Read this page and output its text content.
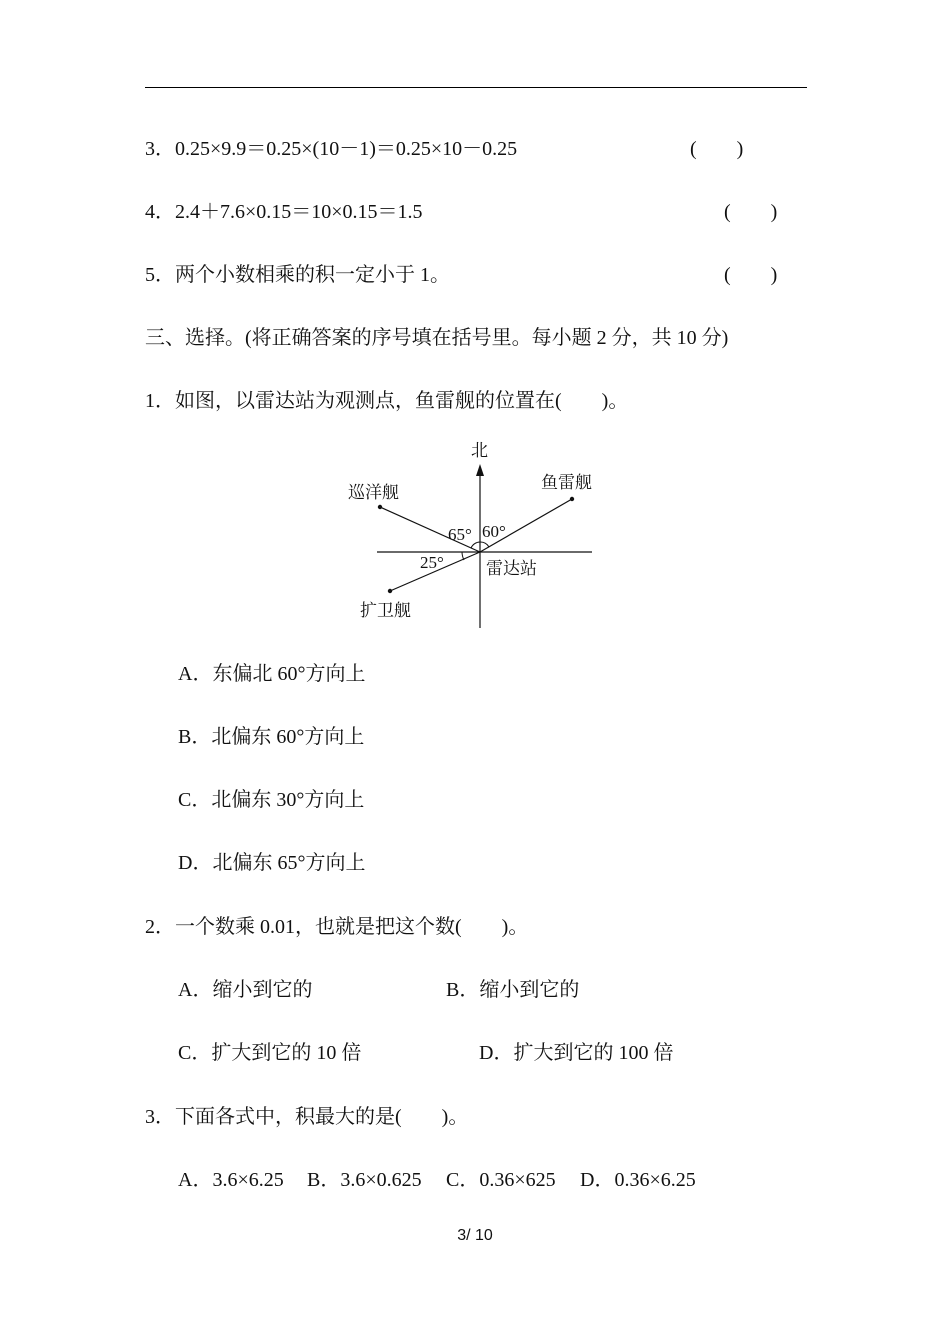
3．0.25×9.9＝0.25×(10－1)＝0.25×10－0.25	(　　)
4．2.4＋7.6×0.15＝10×0.15＝1.5	(　　)
5．两个小数相乘的积一定小于 1。	(　　)
三、选择。(将正确答案的序号填在括号里。每小题 2 分，共 10 分)
1．如图，以雷达站为观测点，鱼雷舰的位置在(　　)。
北
巡洋舰
鱼雷舰
扩卫舰
雷达站
65° 60°
25°
A．东偏北 60°方向上
B．北偏东 60°方向上
C．北偏东 30°方向上
D．北偏东 65°方向上
2．一个数乘 0.01，也就是把这个数(　　)。
A．缩小到它的	B．缩小到它的
C．扩大到它的 10 倍	D．扩大到它的 100 倍
3．下面各式中，积最大的是(　　)。
A．3.6×6.25 B．3.6×0.625 C．0.36×625 D．0.36×6.25
3/ 10
